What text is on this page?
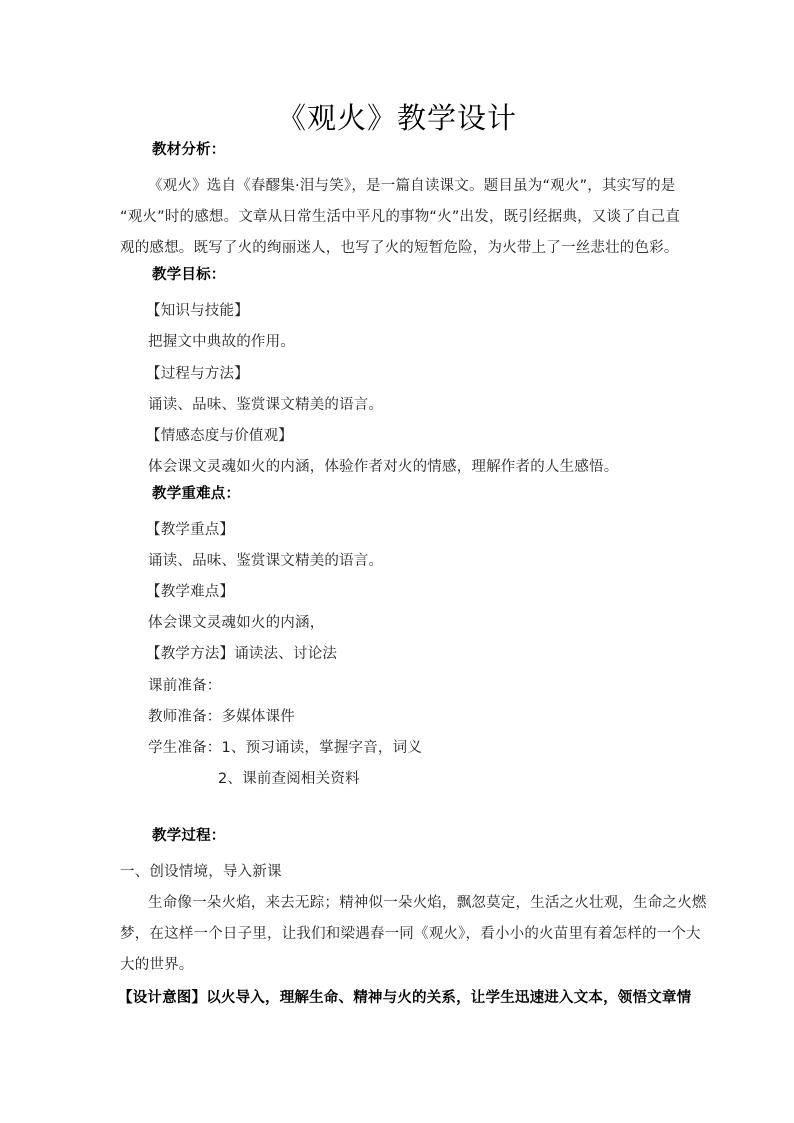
《观火》教学设计
教材分析：
《观火》选自《春醪集·泪与笑》，是一篇自读课文。题目虽为“观火”，其实写的是
“观火”时的感想。文章从日常生活中平凡的事物“火”出发，既引经据典，又谈了自己直
观的感想。既写了火的绚丽迷人，也写了火的短暂危险，为火带上了一丝悲壮的色彩。
教学目标：
【知识与技能】
把握文中典故的作用。
【过程与方法】
诵读、品味、鉴赏课文精美的语言。
【情感态度与价值观】
体会课文灵魂如火的内涵，体验作者对火的情感，理解作者的人生感悟。
教学重难点：
【教学重点】
诵读、品味、鉴赏课文精美的语言。
【教学难点】
体会课文灵魂如火的内涵，
【教学方法】诵读法、讨论法
课前准备：
教师准备：多媒体课件
学生准备：1、预习诵读，掌握字音，词义
2、课前查阅相关资料
教学过程：
一、创设情境，导入新课
生命像一朵火焰，来去无踪；精神似一朵火焰，飘忽莫定，生活之火壮观，生命之火燃
梦，在这样一个日子里，让我们和梁遇春一同《观火》，看小小的火苗里有着怎样的一个大
大的世界。
【设计意图】以火导入，理解生命、精神与火的关系，让学生迅速进入文本，领悟文章情
